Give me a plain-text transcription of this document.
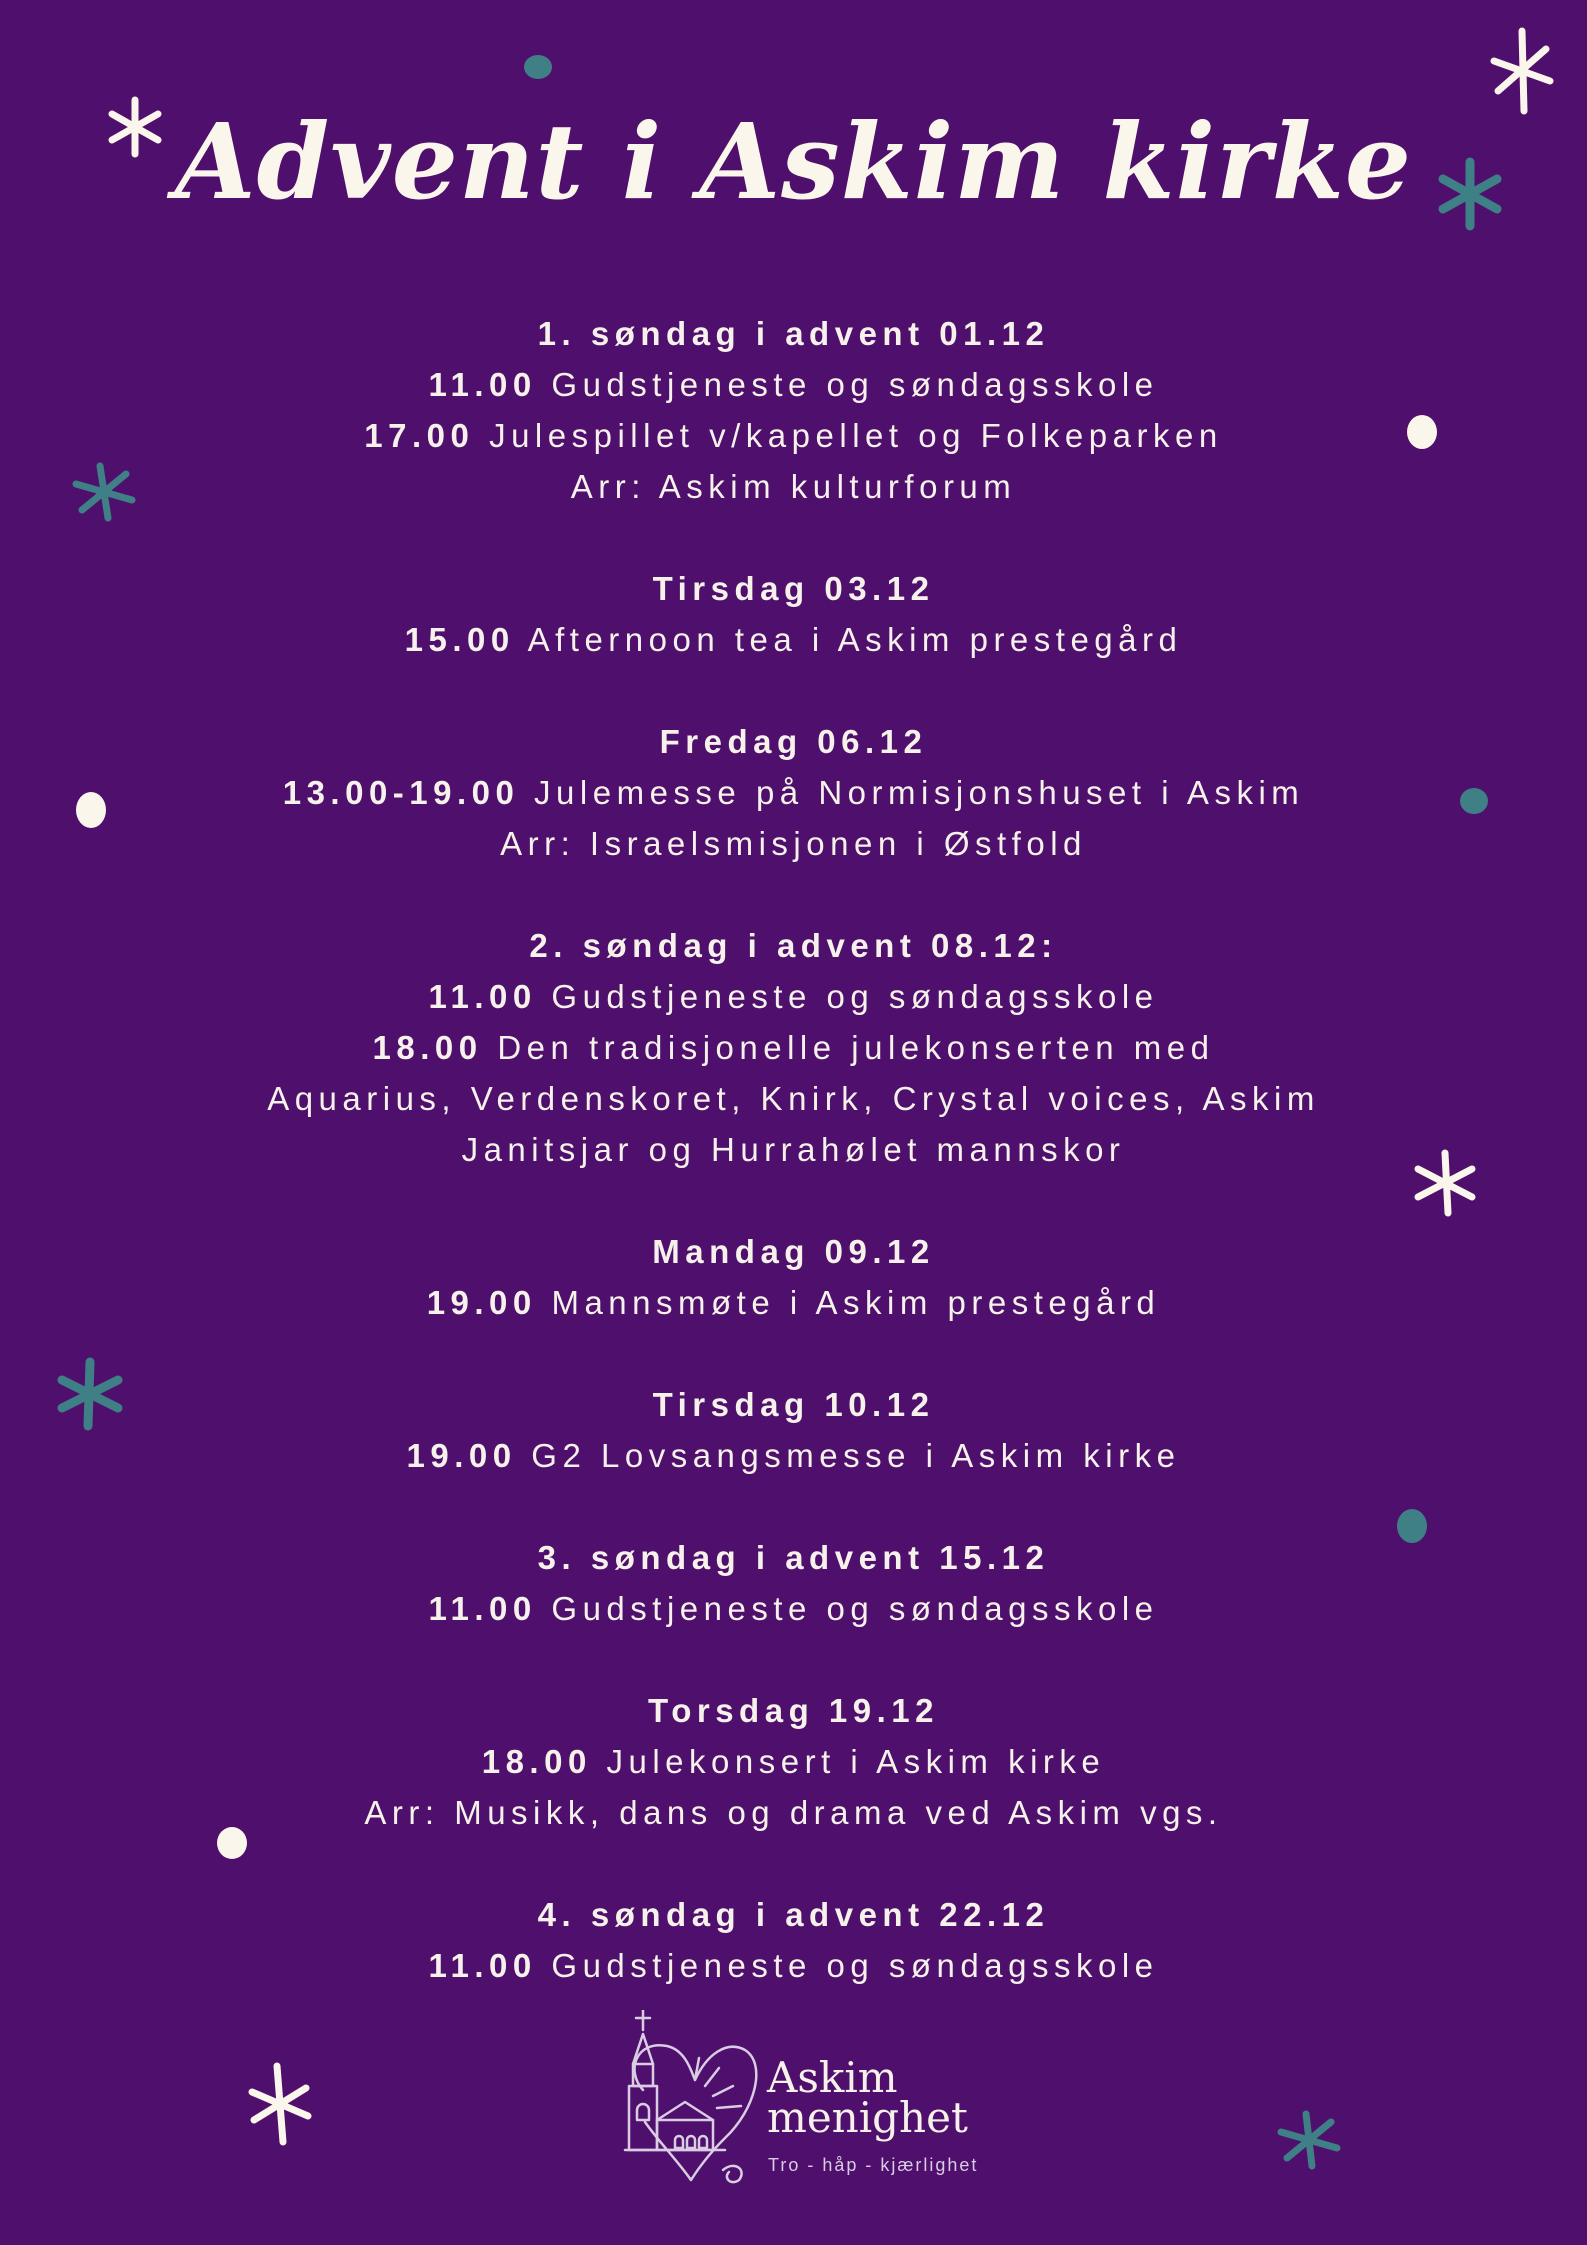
Advent i Askim kirke
1. søndag i advent 01.12
11.00 Gudstjeneste og søndagsskole
17.00 Julespillet v/kapellet og Folkeparken
Arr: Askim kulturforum
Tirsdag 03.12
15.00 Afternoon tea i Askim prestegård
Fredag 06.12
13.00-19.00 Julemesse på Normisjonshuset i Askim
Arr: Israelsmisjonen i Østfold
2. søndag i advent 08.12:
11.00 Gudstjeneste og søndagsskole
18.00 Den tradisjonelle julekonserten med
Aquarius, Verdenskoret, Knirk, Crystal voices, Askim
Janitsjar og Hurrahølet mannskor
Mandag 09.12
19.00 Mannsmøte i Askim prestegård
Tirsdag 10.12
19.00 G2 Lovsangsmesse i Askim kirke
3. søndag i advent 15.12
11.00 Gudstjeneste og søndagsskole
Torsdag 19.12
18.00 Julekonsert i Askim kirke
Arr: Musikk, dans og drama ved Askim vgs.
4. søndag i advent 22.12
11.00 Gudstjeneste og søndagsskole
Askim
menighet
Tro - håp - kjærlighet
